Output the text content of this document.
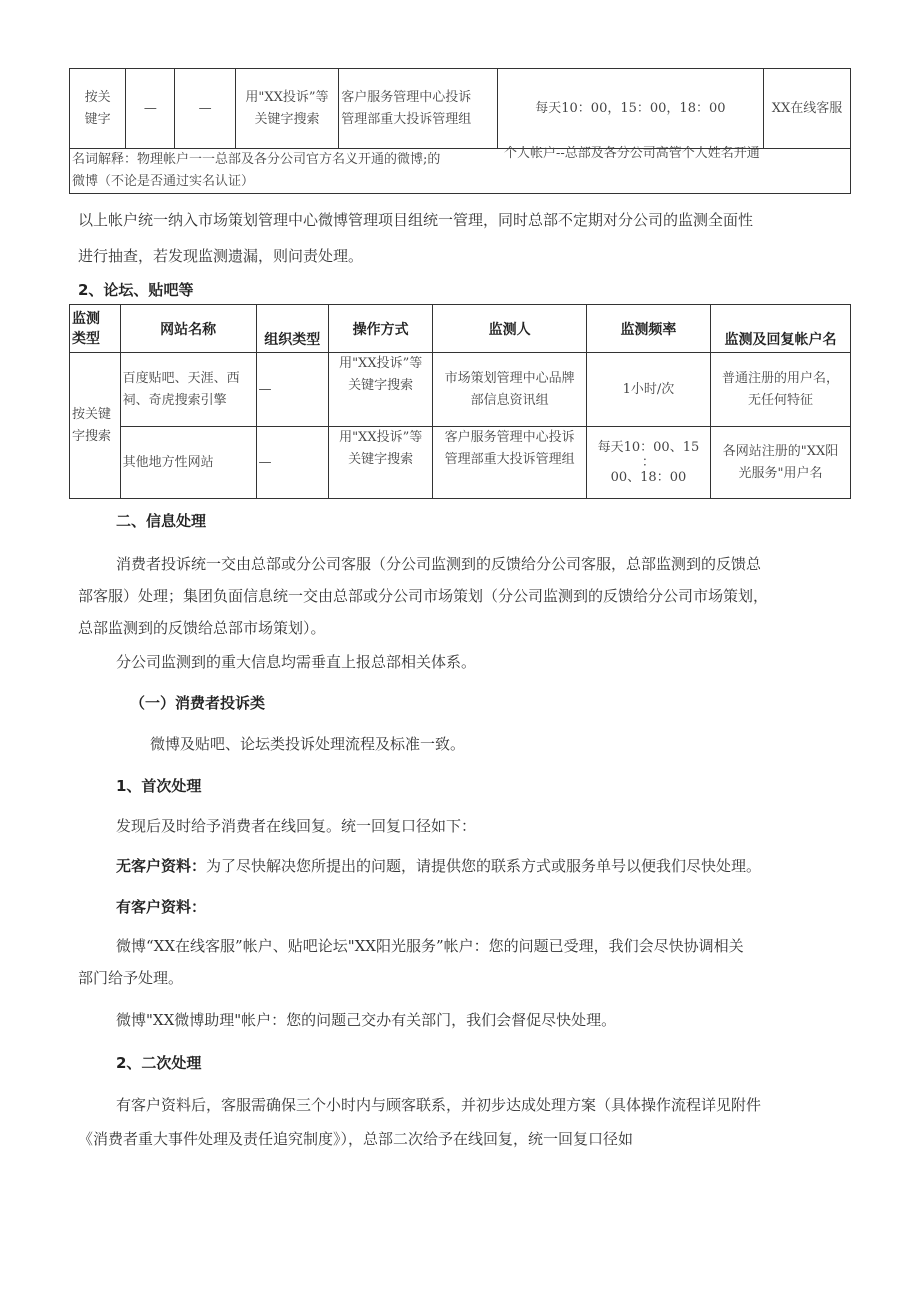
按关
键字	—	—	用"XX投诉”等
关键字搜索	客户服务管理中心投诉
管理部重大投诉管理组	每天10：00，15：00，18：00	XX在线客服

名词解释：物理帐户一一总部及各分公司官方名义开通的微博;的
微博（不论是否通过实名认证）
个人帐户--总部及各分公司高管个人姓名开通
以上帐户统一纳入市场策划管理中心微博管理项目组统一管理，同时总部不定期对分公司的监测全面性
进行抽查，若发现监测遗漏，则问责处理。
2、论坛、贴吧等
监测
类型	网站名称	组织类型	操作方式	监测人	监测频率	监测及回复帐户名
按关键
字搜索	百度贴吧、天涯、西
祠、奇虎搜索引擎	—	用"XX投诉”等
关键字搜索	市场策划管理中心品牌
部信息资讯组	1小时/次	普通注册的用户名，
无任何特征
	其他地方性网站	—	用"XX投诉”等
关键字搜索	客户服务管理中心投诉
管理部重大投诉管理组	每天10：00、15
：
00、18：00	各网站注册的"XX阳
光服务"用户名
二、信息处理
消费者投诉统一交由总部或分公司客服（分公司监测到的反馈给分公司客服，总部监测到的反馈总
部客服）处理；集团负面信息统一交由总部或分公司市场策划（分公司监测到的反馈给分公司市场策划，
总部监测到的反馈给总部市场策划）。
分公司监测到的重大信息均需垂直上报总部相关体系。
（一）消费者投诉类
微博及贴吧、论坛类投诉处理流程及标准一致。
1、首次处理
发现后及时给予消费者在线回复。统一回复口径如下：
无客户资料：为了尽快解决您所提出的问题，请提供您的联系方式或服务单号以便我们尽快处理。
有客户资料：
微博“XX在线客服”帐户、贴吧论坛"XX阳光服务”帐户：您的问题已受理，我们会尽快协调相关
部门给予处理。
微博"XX微博助理"帐户：您的问题己交办有关部门，我们会督促尽快处理。
2、二次处理
有客户资料后，客服需确保三个小时内与顾客联系，并初步达成处理方案（具体操作流程详见附件
《消费者重大事件处理及责任追究制度》），总部二次给予在线回复，统一回复口径如
